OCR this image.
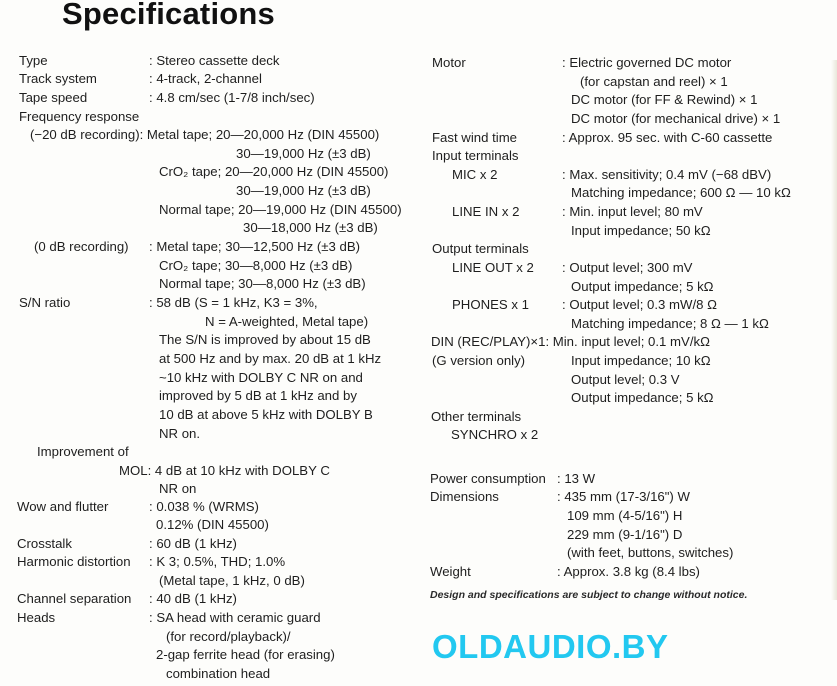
Specifications
Type	: Stereo cassette deck
Track system	: 4-track, 2-channel
Tape speed	: 4.8 cm/sec (1-7/8 inch/sec)
Frequency response
(−20 dB recording): Metal tape; 20—20,000 Hz (DIN 45500)
30—19,000 Hz (±3 dB)
CrO₂ tape; 20—20,000 Hz (DIN 45500)
30—19,000 Hz (±3 dB)
Normal tape; 20—19,000 Hz (DIN 45500)
30—18,000 Hz (±3 dB)
(0 dB recording) : Metal tape; 30—12,500 Hz (±3 dB)
CrO₂ tape; 30—8,000 Hz (±3 dB)
Normal tape; 30—8,000 Hz (±3 dB)
S/N ratio	: 58 dB (S = 1 kHz, K3 = 3%,
N = A-weighted, Metal tape)
The S/N is improved by about 15 dB
at 500 Hz and by max. 20 dB at 1 kHz
~10 kHz with DOLBY C NR on and
improved by 5 dB at 1 kHz and by
10 dB at above 5 kHz with DOLBY B
NR on.
Improvement of
MOL: 4 dB at 10 kHz with DOLBY C
NR on
Wow and flutter	: 0.038 % (WRMS)
0.12% (DIN 45500)
Crosstalk	: 60 dB (1 kHz)
Harmonic distortion : K 3; 0.5%, THD; 1.0%
(Metal tape, 1 kHz, 0 dB)
Channel separation : 40 dB (1 kHz)
Heads	: SA head with ceramic guard
(for record/playback)/
2-gap ferrite head (for erasing)
combination head
Motor	: Electric governed DC motor
(for capstan and reel) × 1
DC motor (for FF & Rewind) × 1
DC motor (for mechanical drive) × 1
Fast wind time	: Approx. 95 sec. with C-60 cassette
Input terminals
MIC x 2	: Max. sensitivity; 0.4 mV (−68 dBV)
Matching impedance; 600 Ω — 10 kΩ
LINE IN x 2	: Min. input level; 80 mV
Input impedance; 50 kΩ
Output terminals
LINE OUT x 2 : Output level; 300 mV
Output impedance; 5 kΩ
PHONES x 1	: Output level; 0.3 mW/8 Ω
Matching impedance; 8 Ω — 1 kΩ
DIN (REC/PLAY)×1: Min. input level; 0.1 mV/kΩ
(G version only)	Input impedance; 10 kΩ
Output level; 0.3 V
Output impedance; 5 kΩ
Other terminals
SYNCHRO x 2
Power consumption : 13 W
Dimensions	: 435 mm (17-3/16") W
109 mm (4-5/16") H
229 mm (9-1/16") D
(with feet, buttons, switches)
Weight	: Approx. 3.8 kg (8.4 lbs)
Design and specifications are subject to change without notice.
OLDAUDIO.BY
